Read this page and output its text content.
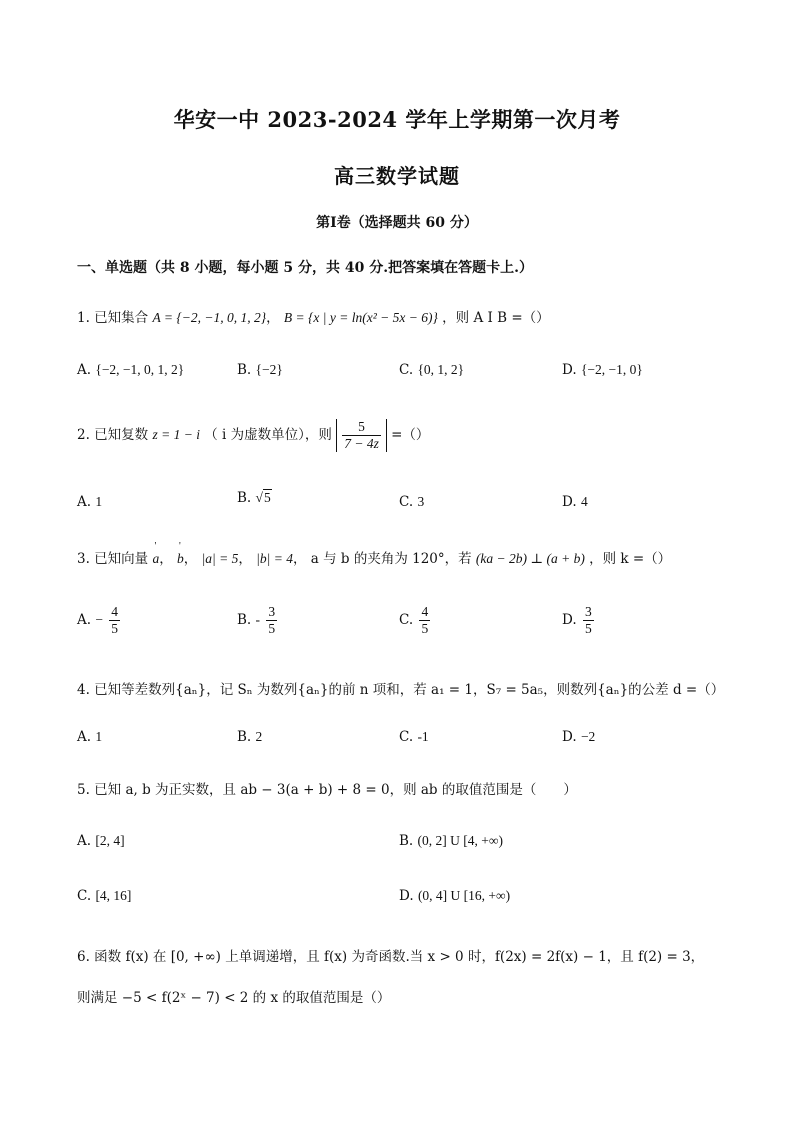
华安一中 2023-2024 学年上学期第一次月考
高三数学试题
第Ⅰ卷（选择题共 60 分）
一、单选题（共 8 小题，每小题 5 分，共 40 分.把答案填在答题卡上.）
1. 已知集合 A = {−2, −1, 0, 1, 2}， B = {x | y = ln(x² − 5x − 6)} ，则 A I B =（）
A. {−2, −1, 0, 1, 2}	B. {−2}	C. {0, 1, 2}	D. {−2, −1, 0}
2. 已知复数 z = 1 − i （ i 为虚数单位），则 $\frac{5}{7 - 4z}$ =（）
A. 1	B. √5	C. 3	D. 4
3. 已知向量 ' a， ' b， |a| = 5， |b| = 4， a 与 b 的夹角为 120°，若 (ka − 2b) ⊥ (a + b) ，则 k =（）
A. − $\frac{4}{5}$	B. - $\frac{3}{5}$	C. $\frac{4}{5}$	D. $\frac{3}{5}$
4. 已知等差数列{aₙ}，记 Sₙ 为数列{aₙ}的前 n 项和，若 a₁ = 1，S₇ = 5a₅，则数列{aₙ}的公差 d =（）
A. 1	B. 2	C. -1	D. −2
5. 已知 a, b 为正实数，且 ab − 3(a + b) + 8 = 0，则 ab 的取值范围是（　　）
A. [2, 4]	B. (0, 2] U [4, +∞)
C. [4, 16]	D. (0, 4] U [16, +∞)
6. 函数 f(x) 在 [0, +∞) 上单调递增，且 f(x) 为奇函数.当 x > 0 时，f(2x) = 2f(x) − 1，且 f(2) = 3，
则满足 −5 < f(2ˣ − 7) < 2 的 x 的取值范围是（）
